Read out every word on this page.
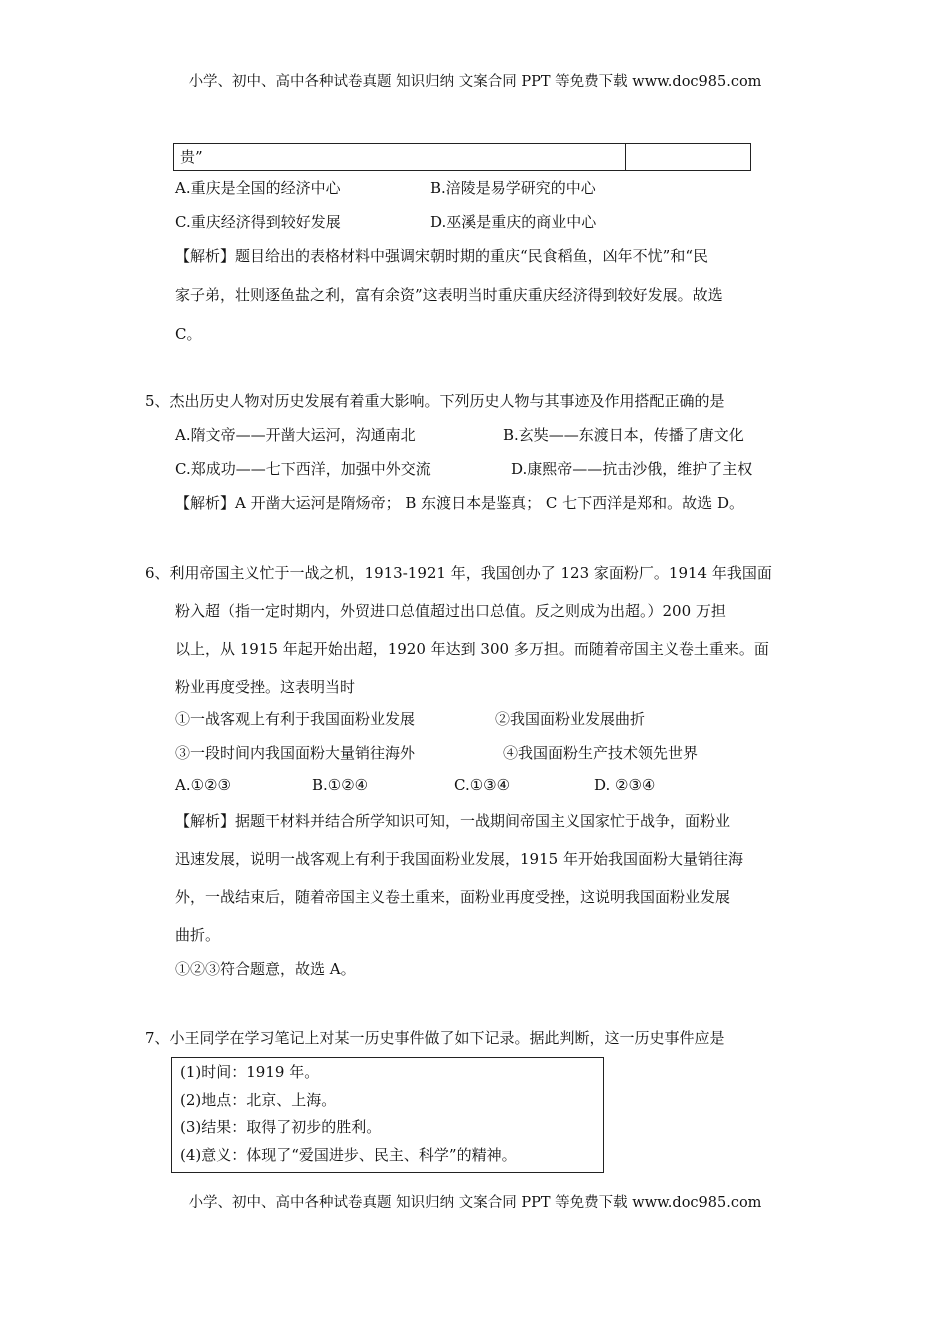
小学、初中、高中各种试卷真题 知识归纳 文案合同 PPT 等免费下载 www.doc985.com
贵”
A.重庆是全国的经济中心	B.涪陵是易学研究的中心
C.重庆经济得到较好发展	D.巫溪是重庆的商业中心
【解析】题目给出的表格材料中强调宋朝时期的重庆“民食稻鱼，凶年不忧”和“民
家子弟，壮则逐鱼盐之利，富有余资”这表明当时重庆重庆经济得到较好发展。故选
C。
5、杰出历史人物对历史发展有着重大影响。下列历史人物与其事迹及作用搭配正确的是
A.隋文帝——开凿大运河，沟通南北	B.玄奘——东渡日本，传播了唐文化
C.郑成功——七下西洋，加强中外交流	D.康熙帝——抗击沙俄，维护了主权
【解析】A 开凿大运河是隋炀帝； B 东渡日本是鉴真； C 七下西洋是郑和。故选 D。
6、利用帝国主义忙于一战之机，1913-1921 年，我国创办了 123 家面粉厂。1914 年我国面
粉入超（指一定时期内，外贸进口总值超过出口总值。反之则成为出超。）200 万担
以上，从 1915 年起开始出超，1920 年达到 300 多万担。而随着帝国主义卷土重来。面
粉业再度受挫。这表明当时
①一战客观上有利于我国面粉业发展	②我国面粉业发展曲折
③一段时间内我国面粉大量销往海外	④我国面粉生产技术领先世界
A.①②③	B.①②④	C.①③④	D. ②③④
【解析】据题干材料并结合所学知识可知，一战期间帝国主义国家忙于战争，面粉业
迅速发展，说明一战客观上有利于我国面粉业发展，1915 年开始我国面粉大量销往海
外，一战结束后，随着帝国主义卷土重来，面粉业再度受挫，这说明我国面粉业发展
曲折。
①②③符合题意，故选 A。
7、小王同学在学习笔记上对某一历史事件做了如下记录。据此判断，这一历史事件应是
(1)时间：1919 年。
(2)地点：北京、上海。
(3)结果：取得了初步的胜利。
(4)意义：体现了“爱国进步、民主、科学”的精神。
小学、初中、高中各种试卷真题 知识归纳 文案合同 PPT 等免费下载 www.doc985.com
